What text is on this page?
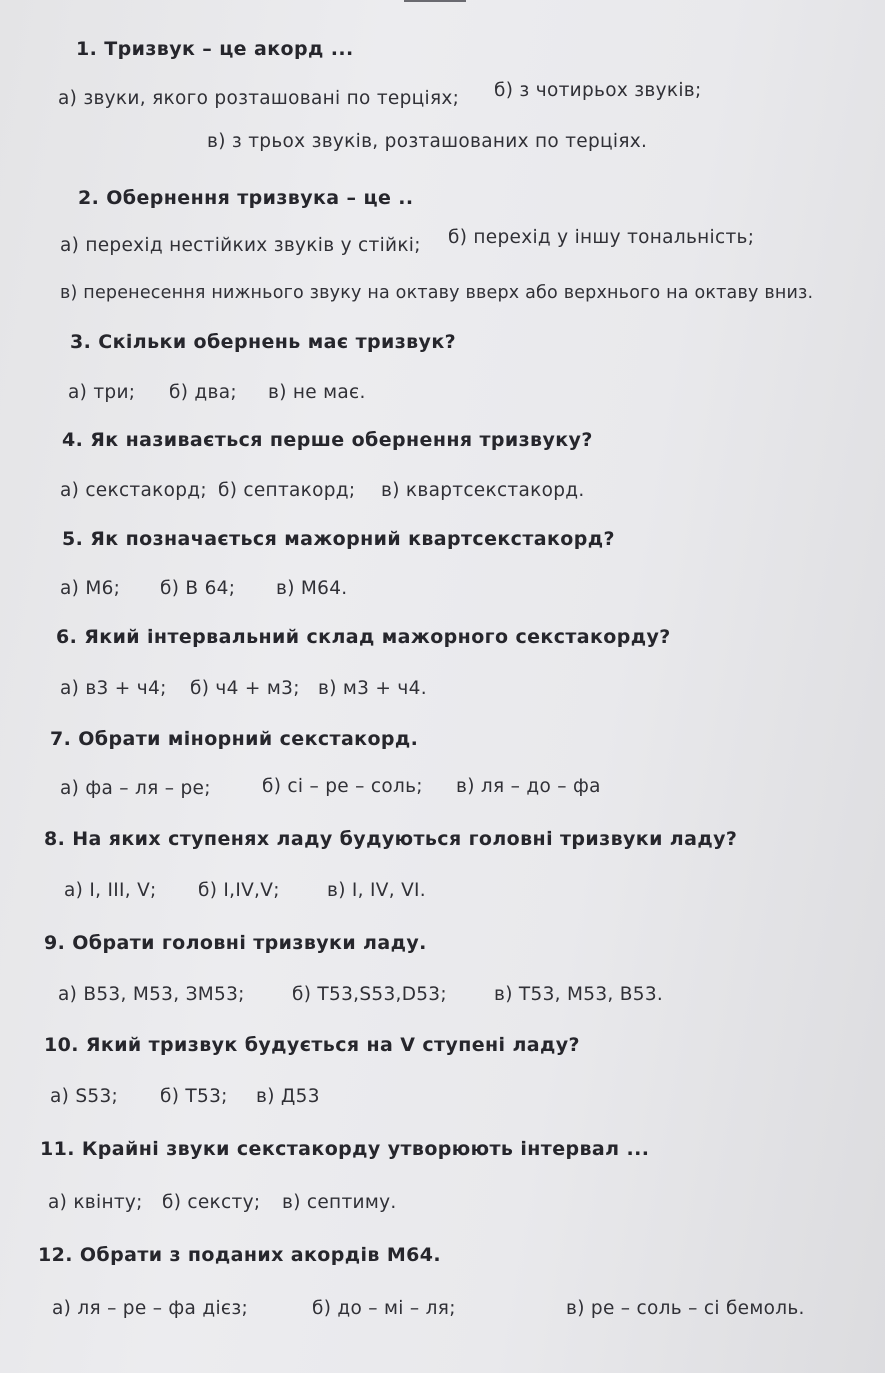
1. Тризвук – це акорд ...
а) звуки, якого розташовані по терціях; б) з чотирьох звуків;
в) з трьох звуків, розташованих по терціях.
2. Обернення тризвука – це ..
а) перехід нестійких звуків у стійкі; б) перехід у іншу тональність;
в) перенесення нижнього звуку на октаву вверх або верхнього на октаву вниз.
3. Скільки обернень має тризвук?
а) три; б) два; в) не має.
4. Як називається перше обернення тризвуку?
а) секстакорд; б) септакорд; в) квартсекстакорд.
5. Як позначається мажорний квартсекстакорд?
а) М6; б) В 64; в) М64.
6. Який інтервальний склад мажорного секстакорду?
а) в3 + ч4; б) ч4 + м3; в) м3 + ч4.
7. Обрати мінорний секстакорд.
а) фа – ля – ре;	б) сі – ре – соль; в) ля – до – фа
8. На яких ступенях ладу будуються головні тризвуки ладу?
а) I, III, V; б) I,IV,V;	в) I, IV, VI.
9. Обрати головні тризвуки ладу.
а) В53, М53, ЗМ53;	б) Т53,S53,D53;	в) Т53, М53, В53.
10. Який тризвук будується на V ступені ладу?
а) S53; б) Т53; в) Д53
11. Крайні звуки секстакорду утворюють інтервал ...
а) квінту; б) сексту; в) септиму.
12. Обрати з поданих акордів М64.
а) ля – ре – фа дієз;	б) до – мі – ля;	в) ре – соль – сі бемоль.
